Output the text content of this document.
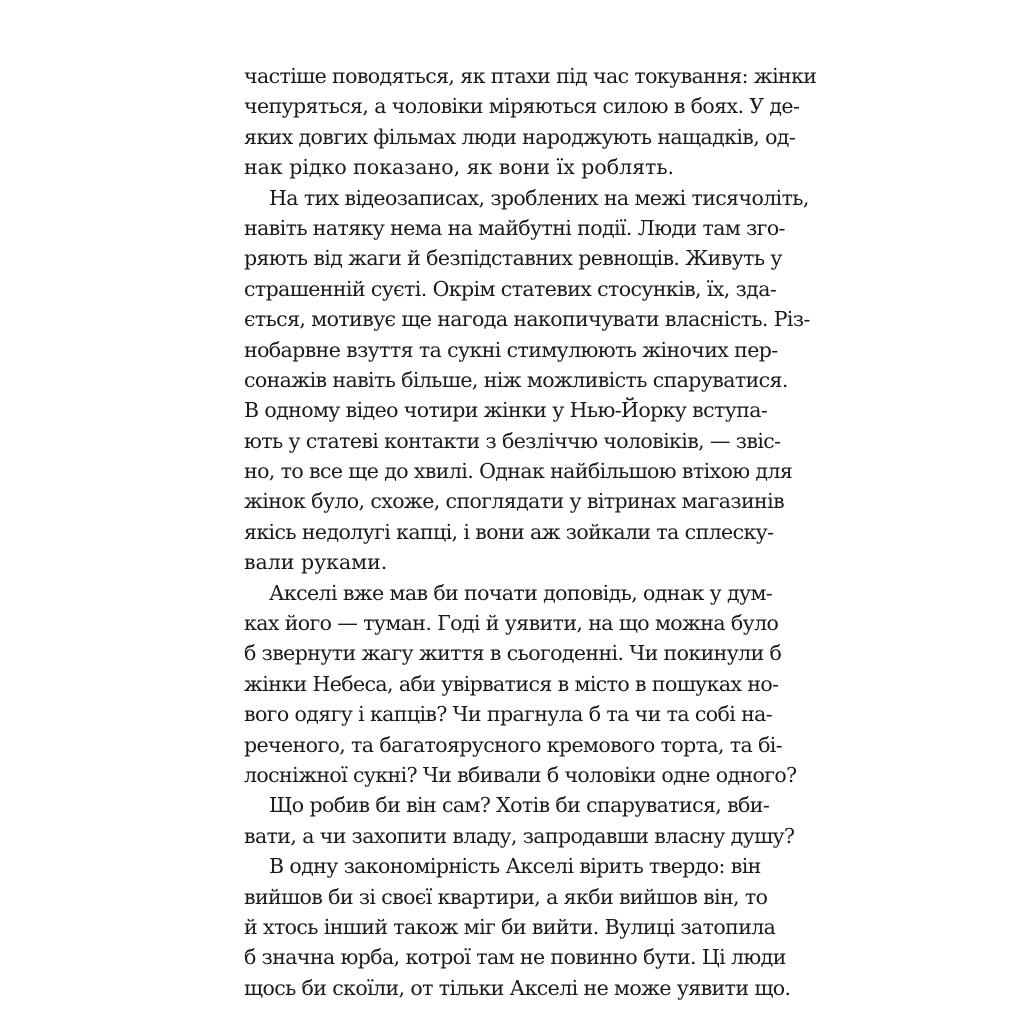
частіше поводяться, як птахи під час токування: жінки
чепуряться, а чоловіки міряються силою в боях. У де-
яких довгих фільмах люди народжують нащадків, од-
нак рідко показано, як вони їх роблять.
На тих відеозаписах, зроблених на межі тисячоліть,
навіть натяку нема на майбутні події. Люди там зго-
ряють від жаги й безпідставних ревнощів. Живуть у
страшенній суєті. Окрім статевих стосунків, їх, зда-
ється, мотивує ще нагода накопичувати власність. Різ-
нобарвне взуття та сукні стимулюють жіночих пер-
сонажів навіть більше, ніж можливість спаруватися.
В одному відео чотири жінки у Нью-Йорку вступа-
ють у статеві контакти з безліччю чоловіків, — звіс-
но, то все ще до хвилі. Однак найбільшою втіхою для
жінок було, схоже, споглядати у вітринах магазинів
якісь недолугі капці, і вони аж зойкали та сплеску-
вали руками.
Акселі вже мав би почати доповідь, однак у дум-
ках його — туман. Годі й уявити, на що можна було
б звернути жагу життя в сьогоденні. Чи покинули б
жінки Небеса, аби увірватися в місто в пошуках но-
вого одягу і капців? Чи прагнула б та чи та собі на-
реченого, та багатоярусного кремового торта, та бі-
лосніжної сукні? Чи вбивали б чоловіки одне одного?
Що робив би він сам? Хотів би спаруватися, вби-
вати, а чи захопити владу, запродавши власну душу?
В одну закономірність Акселі вірить твердо: він
вийшов би зі своєї квартири, а якби вийшов він, то
й хтось інший також міг би вийти. Вулиці затопила
б значна юрба, котрої там не повинно бути. Ці люди
щось би скоїли, от тільки Акселі не може уявити що.
